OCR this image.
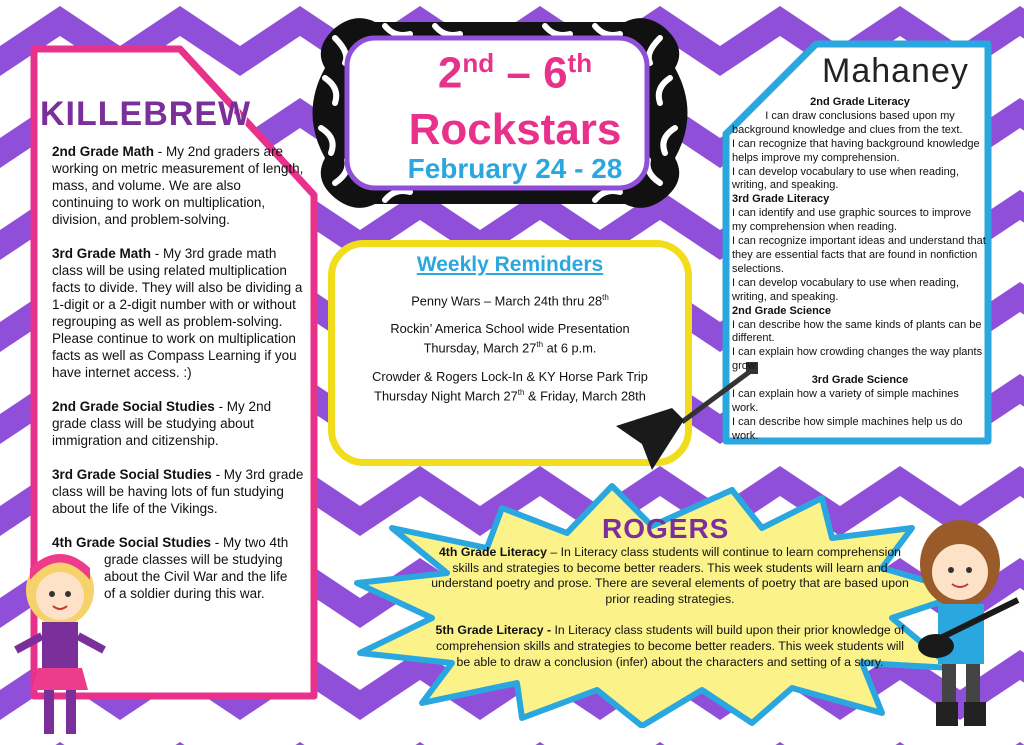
KILLEBREW

2nd Grade Math - My 2nd graders are working on metric measurement of length, mass, and volume. We are also continuing to work on multiplication, division, and problem-solving.

3rd Grade Math - My 3rd grade math class will be using related multiplication facts to divide. They will also be dividing a 1-digit or a 2-digit number with or without regrouping as well as problem-solving. Please continue to work on multiplication facts as well as Compass Learning if you have internet access. :)

2nd Grade Social Studies - My 2nd grade class will be studying about immigration and citizenship.

3rd Grade Social Studies - My 3rd grade class will be having lots of fun studying about the life of the Vikings.

4th Grade Social Studies - My two 4th
grade classes will be studying
about the Civil War and the life
of a soldier during this war.

2nd – 6th
Rockstars
February 24 - 28
Weekly Reminders

Penny Wars – March 24th thru 28th

Rockin’ America School wide Presentation
Thursday, March 27th at 6 p.m.

Crowder & Rogers Lock-In & KY Horse Park Trip
Thursday Night March 27th & Friday, March 28th

Mahaney
2nd Grade Literacy
I can draw conclusions based upon my
background knowledge and clues from the text.
I can recognize that having background knowledge helps improve my comprehension.
I can develop vocabulary to use when reading, writing, and speaking.
3rd Grade Literacy
I can identify and use graphic sources to improve my comprehension when reading.
I can recognize important ideas and understand that they are essential facts that are found in nonfiction selections.
I can develop vocabulary to use when reading, writing, and speaking.
2nd Grade Science
I can describe how the same kinds of plants can be different.
I can explain how crowding changes the way plants grow.
3rd Grade Science
I can explain how a variety of simple machines work.
I can describe how simple machines help us do work.
ROGERS

4th Grade Literacy – In Literacy class students will continue to learn comprehension skills and strategies to become better readers. This week students will learn and understand poetry and prose. There are several elements of poetry that are based upon prior reading strategies.

5th Grade Literacy - In Literacy class students will build upon their prior knowledge of comprehension skills and strategies to become better readers. This week students will be able to draw a conclusion (infer) about the characters and setting of a story.
